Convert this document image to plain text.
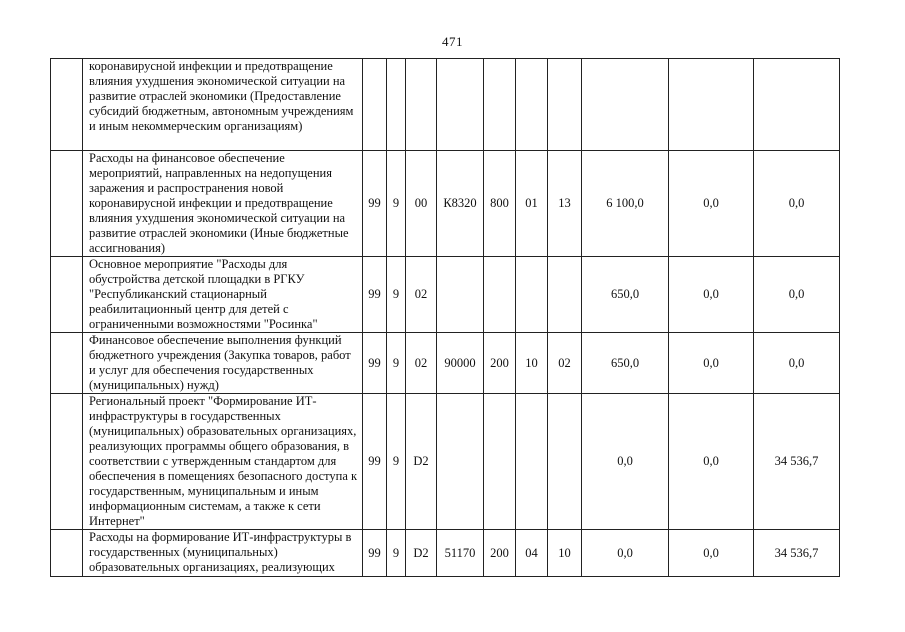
471
	коронавирусной инфекции и предотвращение влияния ухудшения экономической ситуации на развитие отраслей экономики (Предоставление субсидий бюджетным, автономным учреждениям и иным некоммерческим организациям)										
	Расходы на финансовое обеспечение мероприятий, направленных на недопущения заражения и распространения новой коронавирусной инфекции и предотвращение влияния ухудшения экономической ситуации на развитие отраслей экономики (Иные бюджетные ассигнования)	99	9	00	К8320	800	01	13	6 100,0	0,0	0,0
	Основное мероприятие "Расходы для обустройства детской площадки в РГКУ "Республиканский стационарный реабилитационный центр для детей с ограниченными возможностями "Росинка"	99	9	02					650,0	0,0	0,0
	Финансовое обеспечение выполнения функций бюджетного учреждения (Закупка товаров, работ и услуг для обеспечения государственных (муниципальных) нужд)	99	9	02	90000	200	10	02	650,0	0,0	0,0
	Региональный проект "Формирование ИТ-инфраструктуры в государственных (муниципальных) образовательных организациях, реализующих программы общего образования, в соответствии с утвержденным стандартом для обеспечения в помещениях безопасного доступа к государственным, муниципальным и иным информационным системам, а также к сети Интернет"	99	9	D2					0,0	0,0	34 536,7
	Расходы на формирование ИТ-инфраструктуры в государственных (муниципальных) образовательных организациях, реализующих	99	9	D2	51170	200	04	10	0,0	0,0	34 536,7
